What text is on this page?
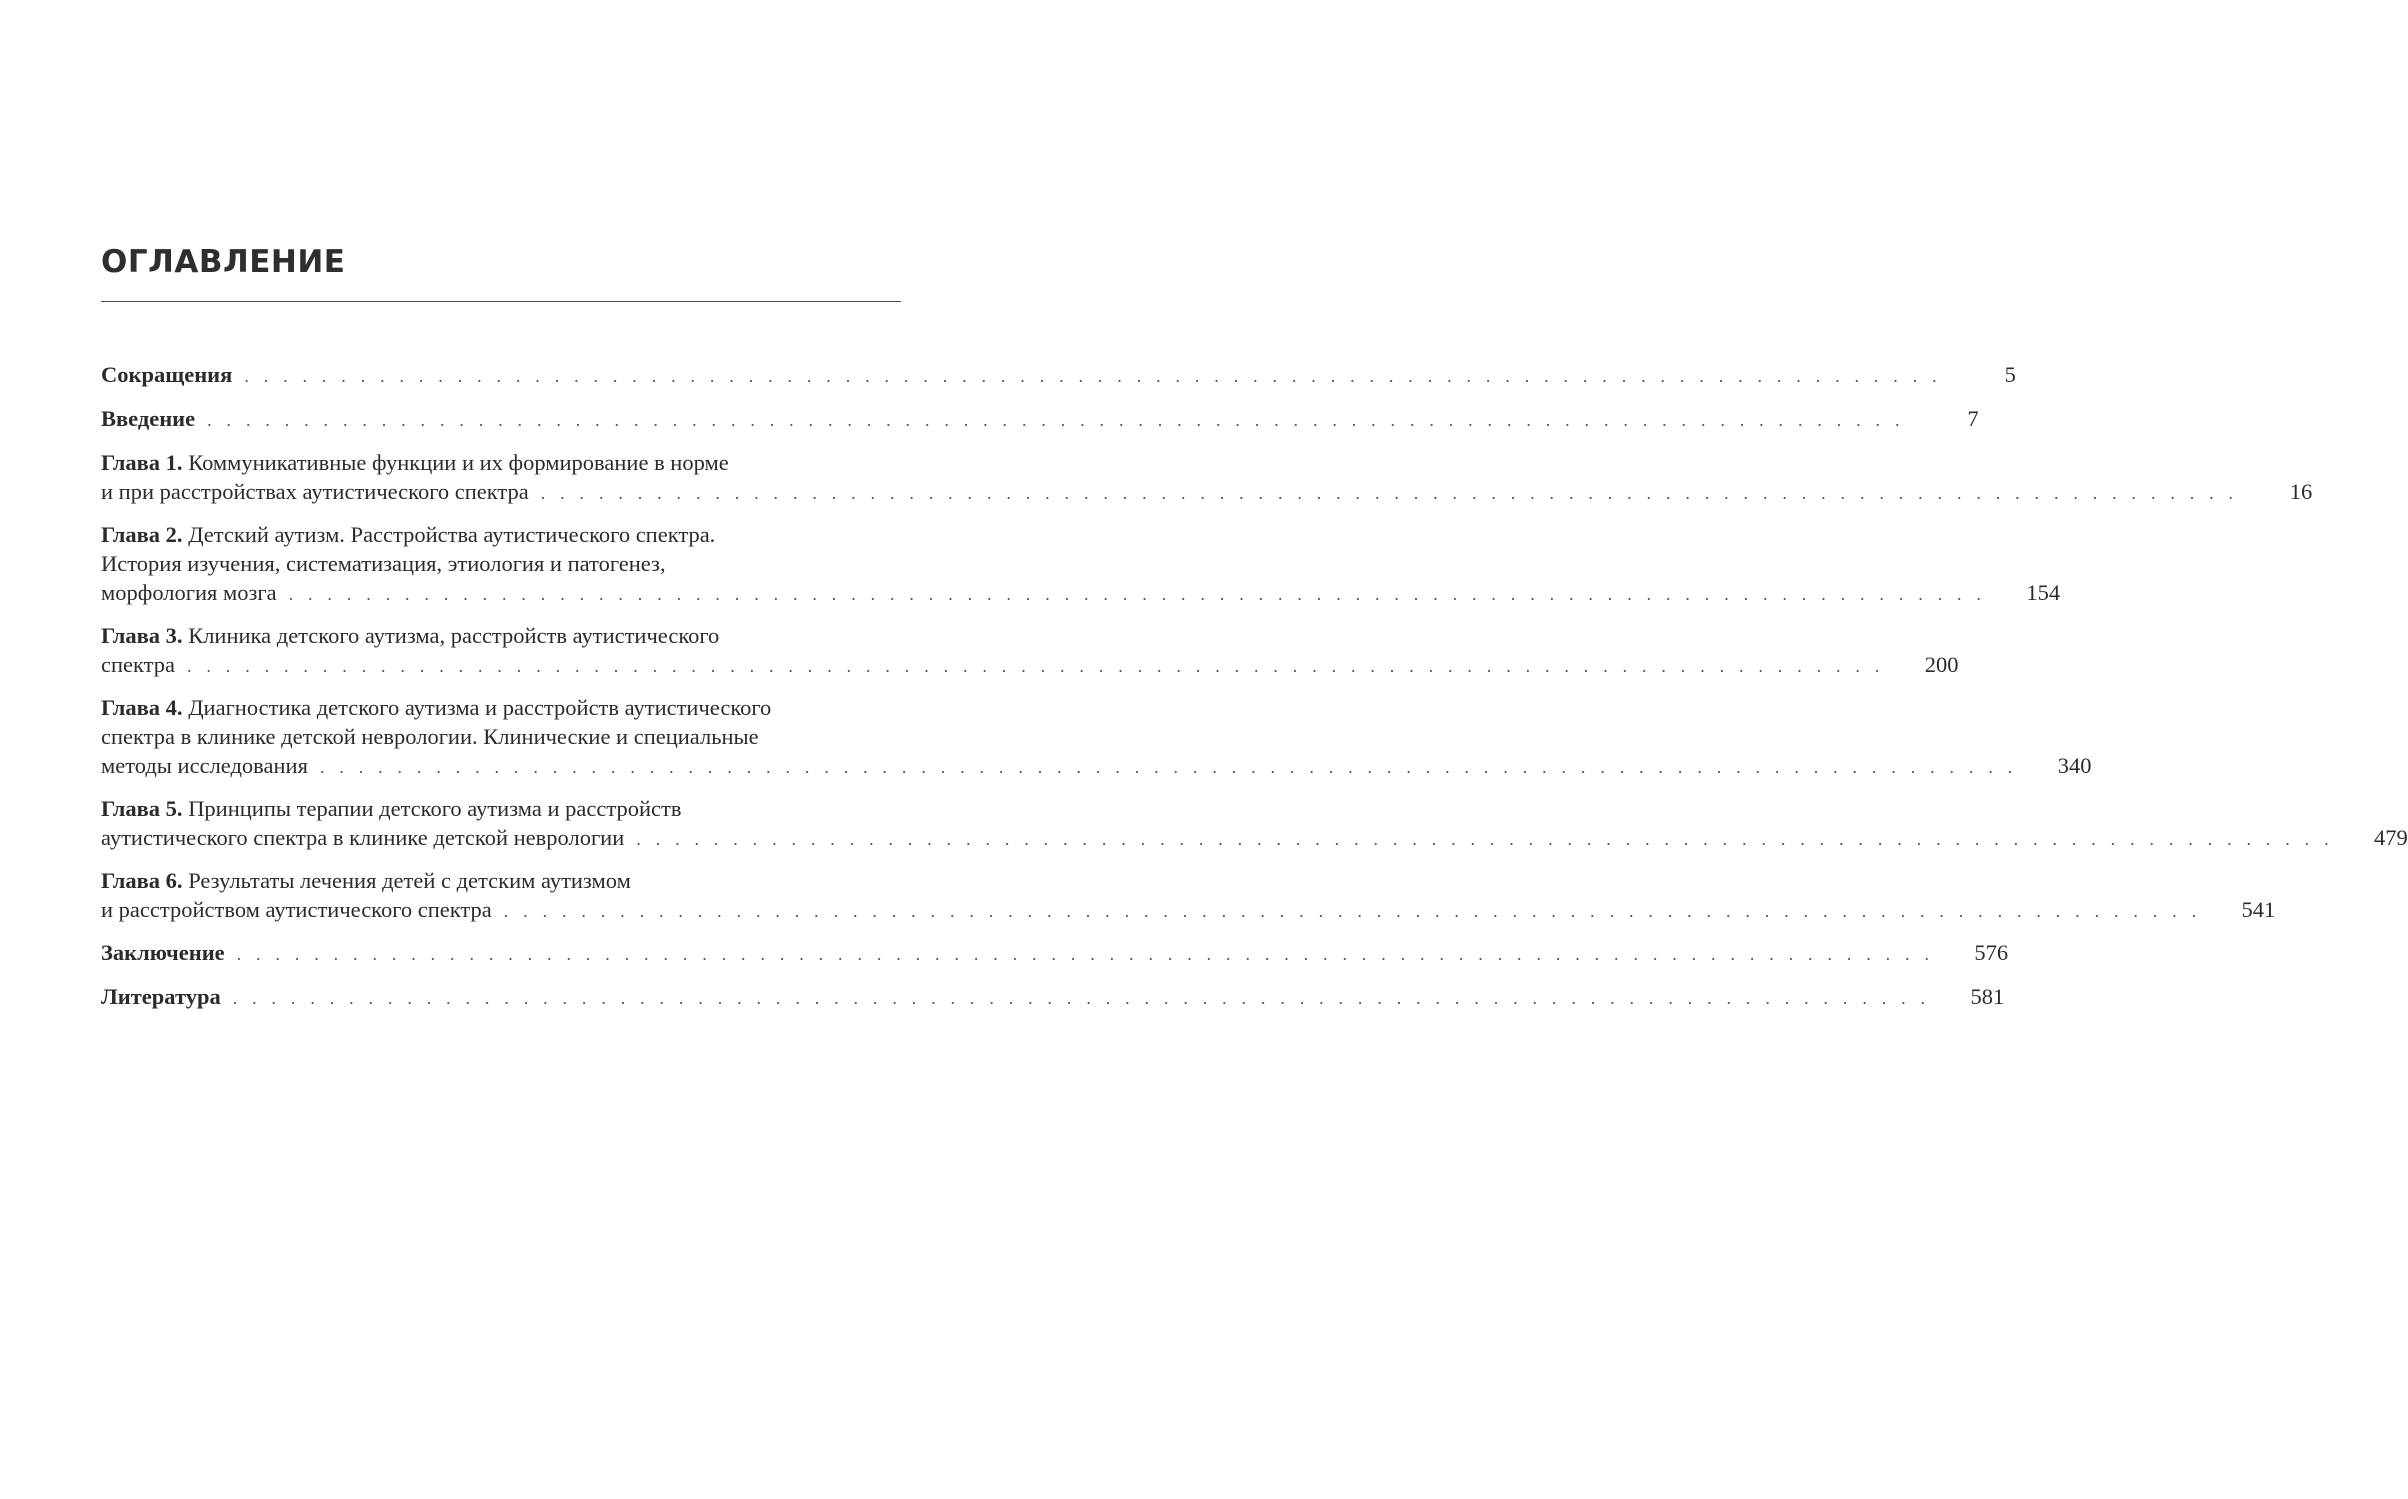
ОГЛАВЛЕНИЕ
Сокращения . . . . . . . . . . . . . . . . . . . . . . . . . . . . . . . . . . . . . . . . . . . . . . . . . . . . . . . . . . . . . . . . . . . . . . . . . . . . . . . . . . . . . . . .	5
Введение . . . . . . . . . . . . . . . . . . . . . . . . . . . . . . . . . . . . . . . . . . . . . . . . . . . . . . . . . . . . . . . . . . . . . . . . . . . . . . . . . . . . . . . .	7
Глава 1. Коммуникативные функции и их формирование в норме
и при расстройствах аутистического спектра . . . . . . . . . . . . . . . . . . . . . . . . . . . . . . . . . . . . . . . . . . . . . . . . . . . . . . . . . . . . . . . . . . . . . . . . . . . . . . . . . . . . . . . .	16
Глава 2. Детский аутизм. Расстройства аутистического спектра.
История изучения, систематизация, этиология и патогенез,
морфология мозга . . . . . . . . . . . . . . . . . . . . . . . . . . . . . . . . . . . . . . . . . . . . . . . . . . . . . . . . . . . . . . . . . . . . . . . . . . . . . . . . . . . . . . . .	154
Глава 3. Клиника детского аутизма, расстройств аутистического
спектра . . . . . . . . . . . . . . . . . . . . . . . . . . . . . . . . . . . . . . . . . . . . . . . . . . . . . . . . . . . . . . . . . . . . . . . . . . . . . . . . . . . . . . . .	200
Глава 4. Диагностика детского аутизма и расстройств аутистического
спектра в клинике детской неврологии. Клинические и специальные
методы исследования . . . . . . . . . . . . . . . . . . . . . . . . . . . . . . . . . . . . . . . . . . . . . . . . . . . . . . . . . . . . . . . . . . . . . . . . . . . . . . . . . . . . . . . .	340
Глава 5. Принципы терапии детского аутизма и расстройств
аутистического спектра в клинике детской неврологии . . . . . . . . . . . . . . . . . . . . . . . . . . . . . . . . . . . . . . . . . . . . . . . . . . . . . . . . . . . . . . . . . . . . . . . . . . . . . . . . . . . . . . . .	479
Глава 6. Результаты лечения детей с детским аутизмом
и расстройством аутистического спектра . . . . . . . . . . . . . . . . . . . . . . . . . . . . . . . . . . . . . . . . . . . . . . . . . . . . . . . . . . . . . . . . . . . . . . . . . . . . . . . . . . . . . . . .	541
Заключение . . . . . . . . . . . . . . . . . . . . . . . . . . . . . . . . . . . . . . . . . . . . . . . . . . . . . . . . . . . . . . . . . . . . . . . . . . . . . . . . . . . . . . . .	576
Литература . . . . . . . . . . . . . . . . . . . . . . . . . . . . . . . . . . . . . . . . . . . . . . . . . . . . . . . . . . . . . . . . . . . . . . . . . . . . . . . . . . . . . . . .	581
